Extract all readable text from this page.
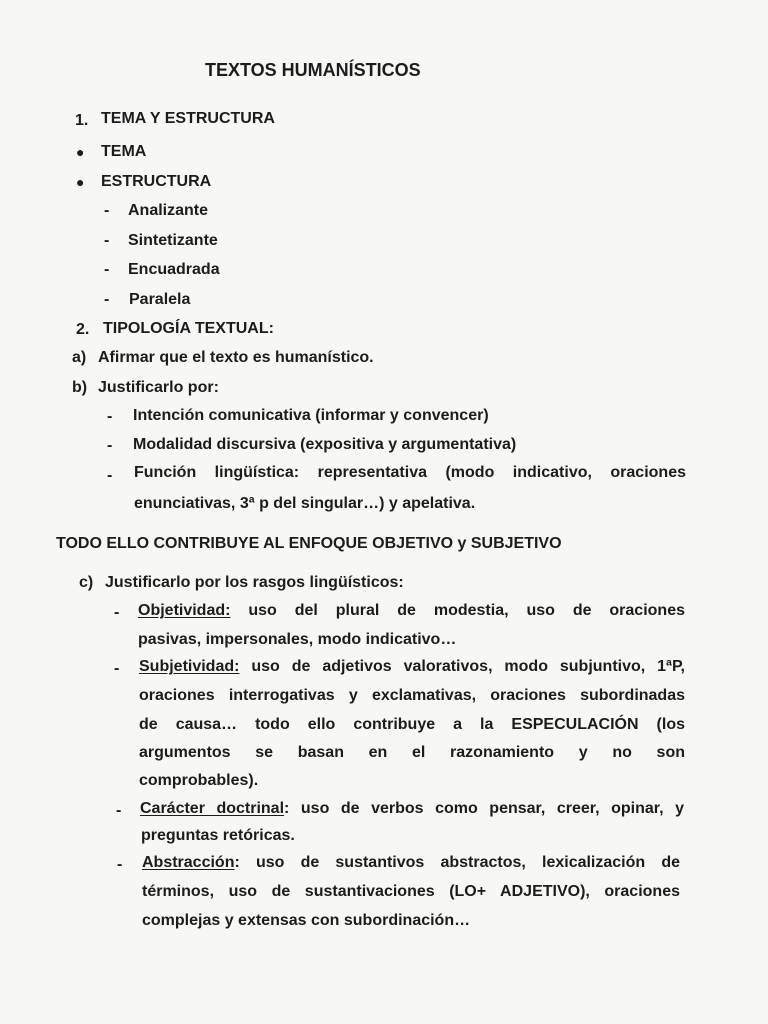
TEXTOS HUMANÍSTICOS
1. TEMA Y ESTRUCTURA
● TEMA
● ESTRUCTURA
- Analizante
- Sintetizante
- Encuadrada
- Paralela
2. TIPOLOGÍA TEXTUAL:
a) Afirmar que el texto es humanístico.
b) Justificarlo por:
- Intención comunicativa (informar y convencer)
- Modalidad discursiva (expositiva y argumentativa)
- Función lingüística: representativa (modo indicativo, oraciones
enunciativas, 3ª p del singular…) y apelativa.
TODO ELLO CONTRIBUYE AL ENFOQUE OBJETIVO y SUBJETIVO
c) Justificarlo por los rasgos lingüísticos:
- Objetividad: uso del plural de modestia, uso de oraciones
pasivas, impersonales, modo indicativo…
- Subjetividad: uso de adjetivos valorativos, modo subjuntivo, 1ªP,
oraciones interrogativas y exclamativas, oraciones subordinadas
de causa… todo ello contribuye a la ESPECULACIÓN (los
argumentos se basan en el razonamiento y no son
comprobables).
- Carácter doctrinal: uso de verbos como pensar, creer, opinar, y
preguntas retóricas.
- Abstracción: uso de sustantivos abstractos, lexicalización de
términos, uso de sustantivaciones (LO+ ADJETIVO), oraciones
complejas y extensas con subordinación…
